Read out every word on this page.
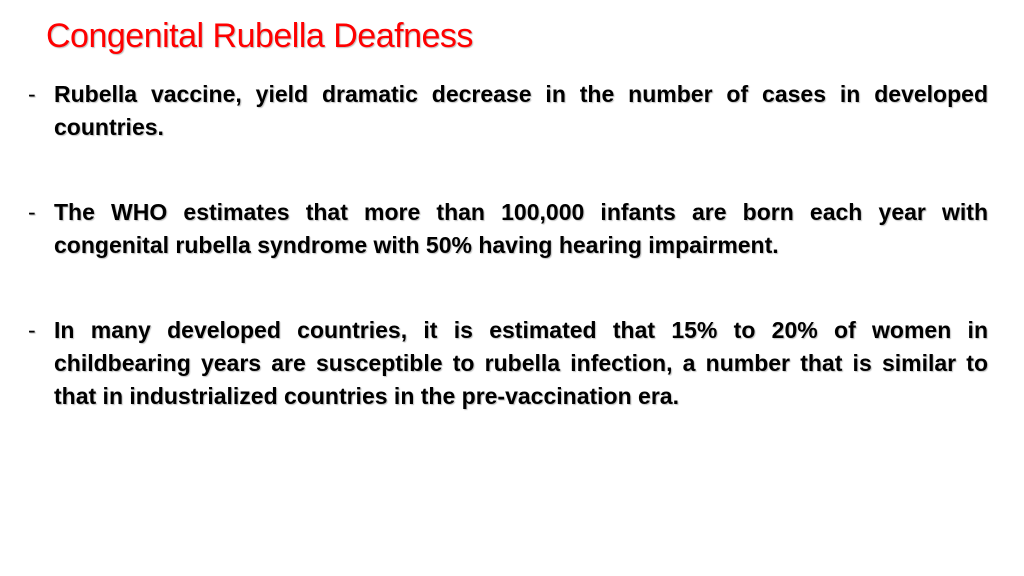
Congenital Rubella Deafness
- Rubella vaccine, yield dramatic decrease in the number of cases in developed countries.
- The WHO estimates that more than 100,000 infants are born each year with congenital rubella syndrome with 50% having hearing impairment.
- In many developed countries, it is estimated that 15% to 20% of women in childbearing years are susceptible to rubella infection, a number that is similar to that in industrialized countries in the pre-vaccination era.
